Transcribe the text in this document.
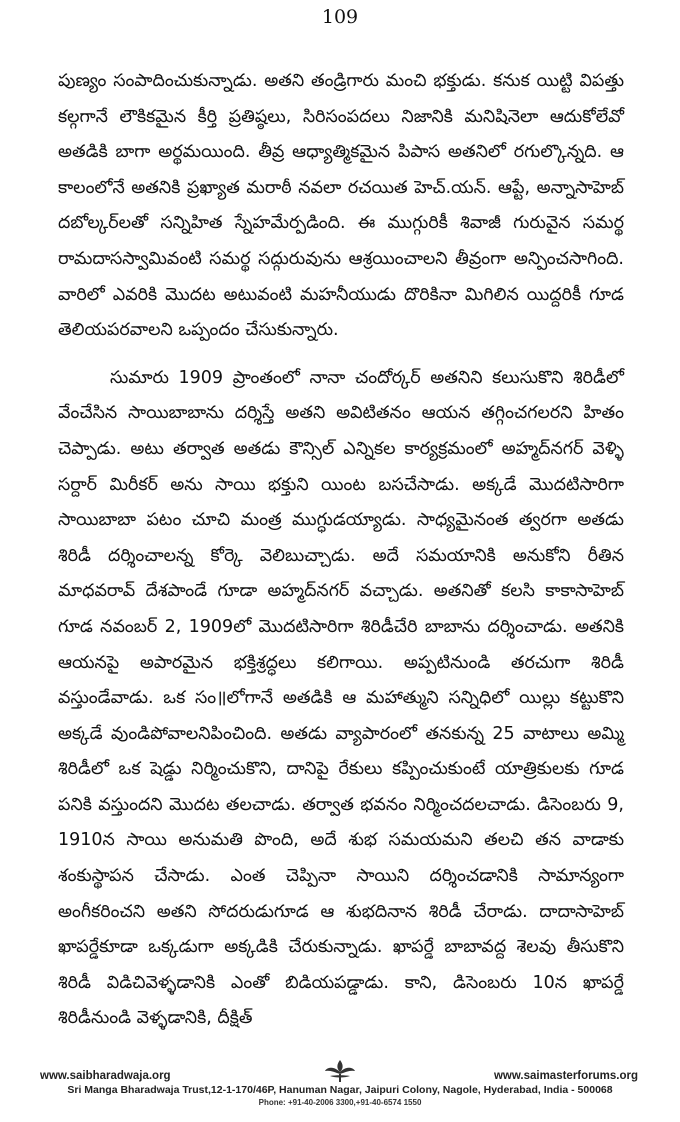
109

పుణ్యం సంపాదించుకున్నాడు. అతని తండ్రిగారు మంచి భక్తుడు. కనుక యిట్టి విపత్తు కల్గగానే లౌకికమైన కీర్తి ప్రతిష్ఠలు, సిరిసంపదలు నిజానికి మనిషినెలా ఆదుకోలేవో అతడికి బాగా అర్థమయింది. తీవ్ర ఆధ్యాత్మికమైన పిపాస అతనిలో రగుల్కొన్నది. ఆ కాలంలోనే అతనికి ప్రఖ్యాత మరాఠీ నవలా రచయిత హెచ్.యన్. ఆప్టే, అన్నాసాహెబ్ దబోల్కర్‌లతో సన్నిహిత స్నేహమేర్పడింది. ఈ ముగ్గురికీ శివాజీ గురువైన సమర్థ రామదాసస్వామివంటి సమర్థ సద్గురువును ఆశ్రయించాలని తీవ్రంగా అన్పించసాగింది. వారిలో ఎవరికి మొదట అటువంటి మహనీయుడు దొరికినా మిగిలిన యిద్దరికీ గూడ తెలియపరవాలని ఒప్పందం చేసుకున్నారు.

సుమారు 1909 ప్రాంతంలో నానా చందోర్కర్ అతనిని కలుసుకొని శిరిడీలో వేంచేసిన సాయిబాబాను దర్శిస్తే అతని అవిటితనం ఆయన తగ్గించగలరని హితం చెప్పాడు. అటు తర్వాత అతడు కౌన్సిల్ ఎన్నికల కార్యక్రమంలో అహ్మద్‌నగర్ వెళ్ళి సర్దార్ మిరీకర్ అను సాయి భక్తుని యింట బసచేసాడు. అక్కడే మొదటిసారిగా సాయిబాబా పటం చూచి మంత్ర ముగ్ధుడయ్యాడు. సాధ్యమైనంత త్వరగా అతడు శిరిడీ దర్శించాలన్న కోర్కె వెలిబుచ్చాడు. అదే సమయానికి అనుకోని రీతిన మాధవరావ్ దేశపాండే గూడా అహ్మద్‌నగర్ వచ్చాడు. అతనితో కలసి కాకాసాహెబ్ గూడ నవంబర్ 2, 1909లో మొదటిసారిగా శిరిడీచేరి బాబాను దర్శించాడు. అతనికి ఆయనపై అపారమైన భక్తిశ్రద్ధలు కలిగాయి. అప్పటినుండి తరచుగా శిరిడీ వస్తుండేవాడు. ఒక సం॥లోగానే అతడికి ఆ మహాత్ముని సన్నిధిలో యిల్లు కట్టుకొని అక్కడే వుండిపోవాలనిపించింది. అతడు వ్యాపారంలో తనకున్న 25 వాటాలు అమ్మి శిరిడీలో ఒక షెడ్డు నిర్మించుకొని, దానిపై రేకులు కప్పించుకుంటే యాత్రికులకు గూడ పనికి వస్తుందని మొదట తలచాడు. తర్వాత భవనం నిర్మించదలచాడు. డిసెంబరు 9, 1910న సాయి అనుమతి పొంది, అదే శుభ సమయమని తలచి తన వాడాకు శంకుస్థాపన చేసాడు. ఎంత చెప్పినా సాయిని దర్శించడానికి సామాన్యంగా అంగీకరించని అతని సోదరుడుగూడ ఆ శుభదినాన శిరిడీ చేరాడు. దాదాసాహెబ్ ఖాపర్డేకూడా ఒక్కడుగా అక్కడికి చేరుకున్నాడు. ఖాపర్డే బాబావద్ద శెలవు తీసుకొని శిరిడీ విడిచివెళ్ళడానికి ఎంతో బిడియపడ్డాడు. కాని, డిసెంబరు 10న ఖాపర్డే శిరిడీనుండి వెళ్ళడానికి, దీక్షిత్

www.saibharadwaja.org	www.saimasterforums.org
Sri Manga Bharadwaja Trust,12-1-170/46P, Hanuman Nagar, Jaipuri Colony, Nagole, Hyderabad, India - 500068
Phone: +91-40-2006 3300,+91-40-6574 1550
